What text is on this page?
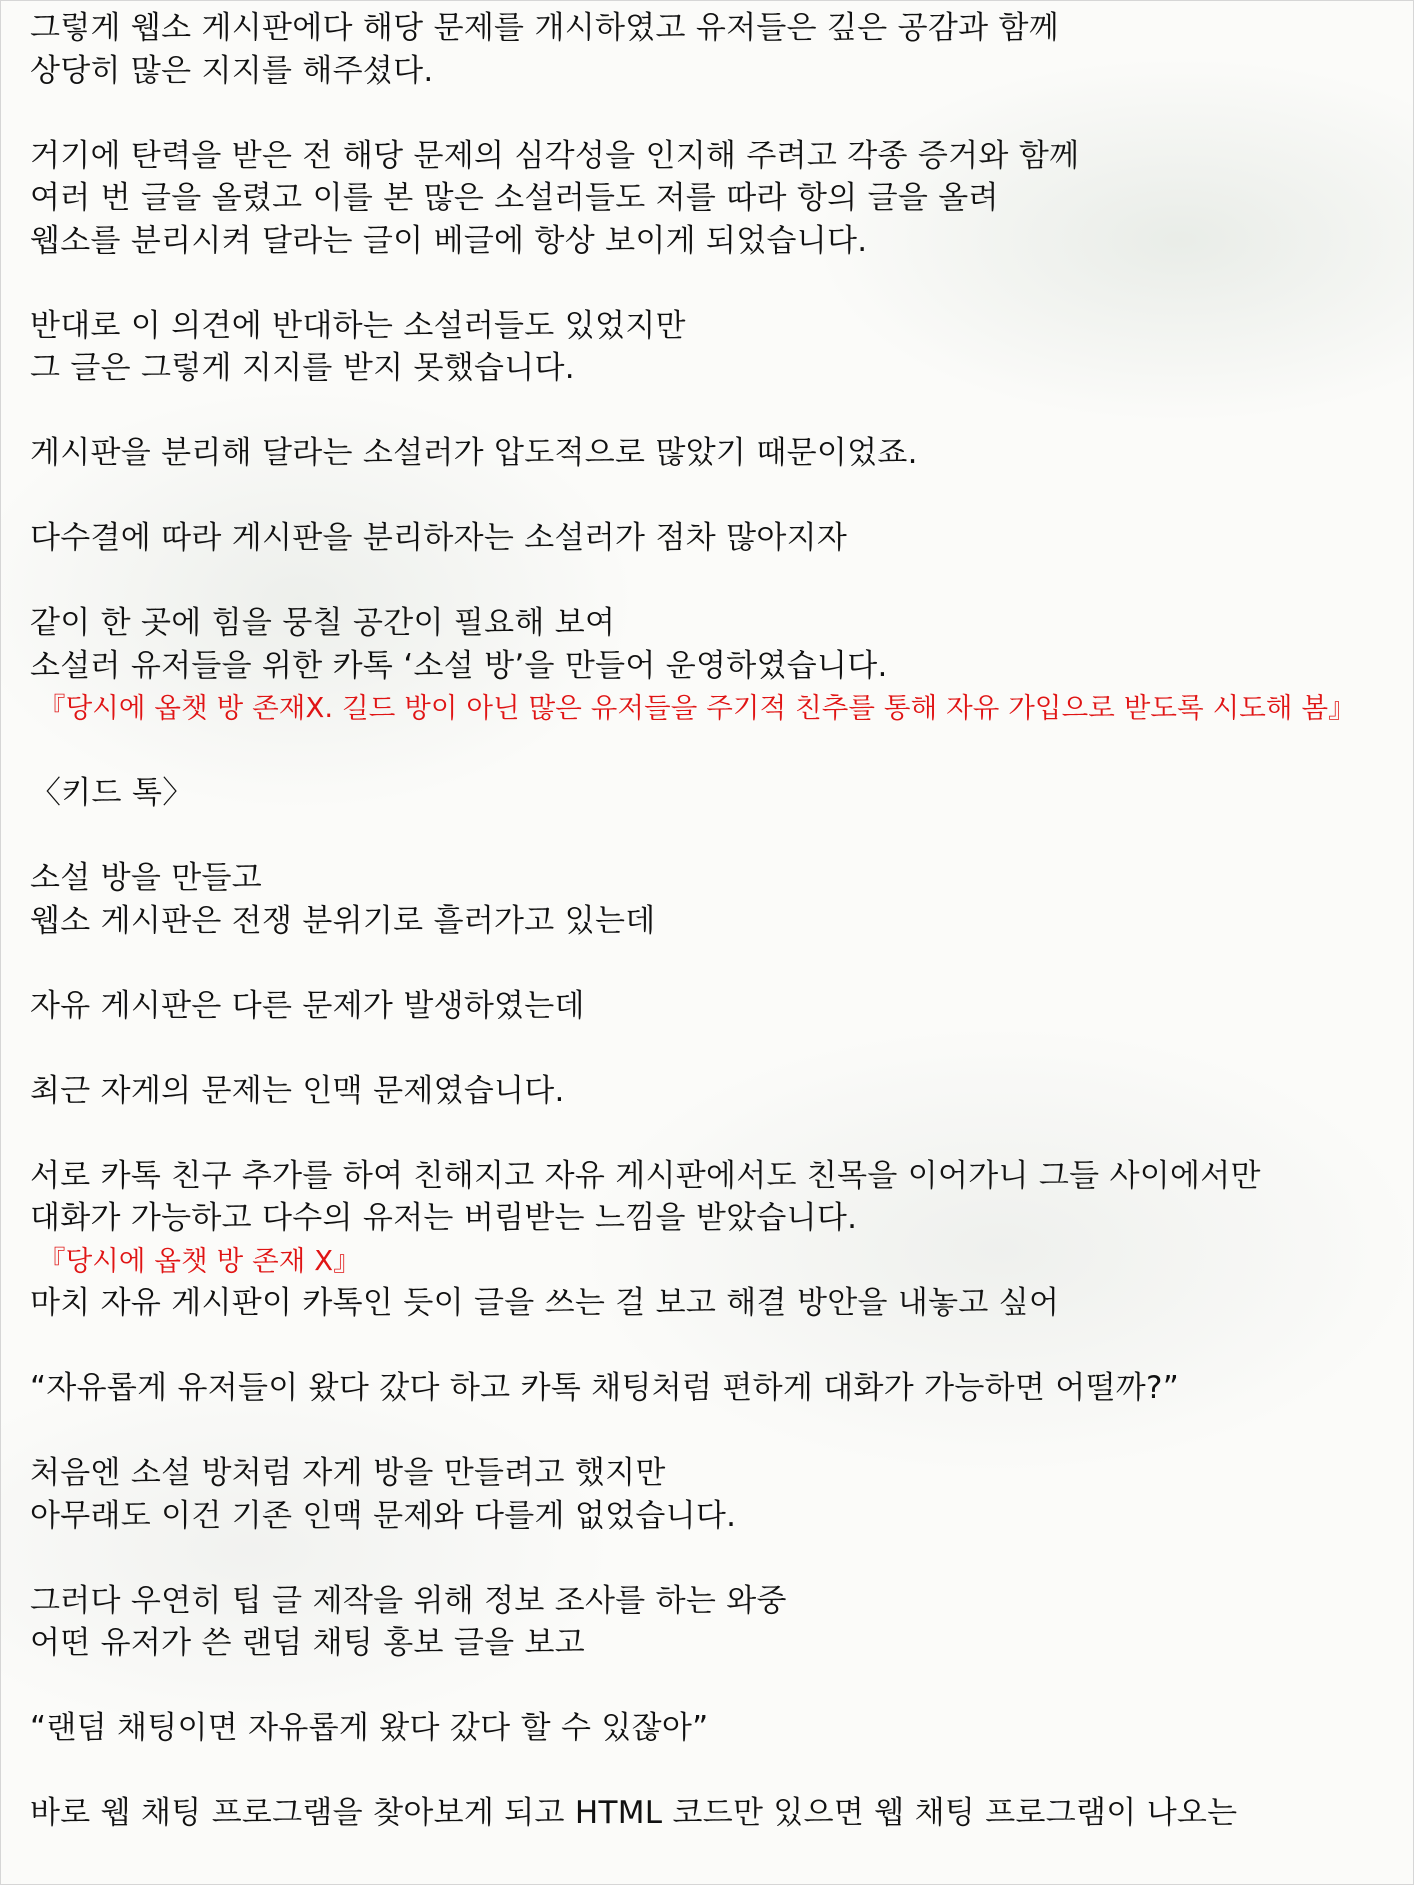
그렇게 웹소 게시판에다 해당 문제를 개시하였고 유저들은 깊은 공감과 함께
상당히 많은 지지를 해주셨다.
거기에 탄력을 받은 전 해당 문제의 심각성을 인지해 주려고 각종 증거와 함께
여러 번 글을 올렸고 이를 본 많은 소설러들도 저를 따라 항의 글을 올려
웹소를 분리시켜 달라는 글이 베글에 항상 보이게 되었습니다.
반대로 이 의견에 반대하는 소설러들도 있었지만
그 글은 그렇게 지지를 받지 못했습니다.
게시판을 분리해 달라는 소설러가 압도적으로 많았기 때문이었죠.
다수결에 따라 게시판을 분리하자는 소설러가 점차 많아지자
같이 한 곳에 힘을 뭉칠 공간이 필요해 보여
소설러 유저들을 위한 카톡 ‘소설 방’을 만들어 운영하였습니다.
『당시에 옵챗 방 존재X. 길드 방이 아닌 많은 유저들을 주기적 친추를 통해 자유 가입으로 받도록 시도해 봄』
〈키드 톡〉
소설 방을 만들고
웹소 게시판은 전쟁 분위기로 흘러가고 있는데
자유 게시판은 다른 문제가 발생하였는데
최근 자게의 문제는 인맥 문제였습니다.
서로 카톡 친구 추가를 하여 친해지고 자유 게시판에서도 친목을 이어가니 그들 사이에서만
대화가 가능하고 다수의 유저는 버림받는 느낌을 받았습니다.
『당시에 옵챗 방 존재 X』
마치 자유 게시판이 카톡인 듯이 글을 쓰는 걸 보고 해결 방안을 내놓고 싶어
“자유롭게 유저들이 왔다 갔다 하고 카톡 채팅처럼 편하게 대화가 가능하면 어떨까?”
처음엔 소설 방처럼 자게 방을 만들려고 했지만
아무래도 이건 기존 인맥 문제와 다를게 없었습니다.
그러다 우연히 팁 글 제작을 위해 정보 조사를 하는 와중
어떤 유저가 쓴 랜덤 채팅 홍보 글을 보고
“랜덤 채팅이면 자유롭게 왔다 갔다 할 수 있잖아”
바로 웹 채팅 프로그램을 찾아보게 되고 HTML 코드만 있으면 웹 채팅 프로그램이 나오는
